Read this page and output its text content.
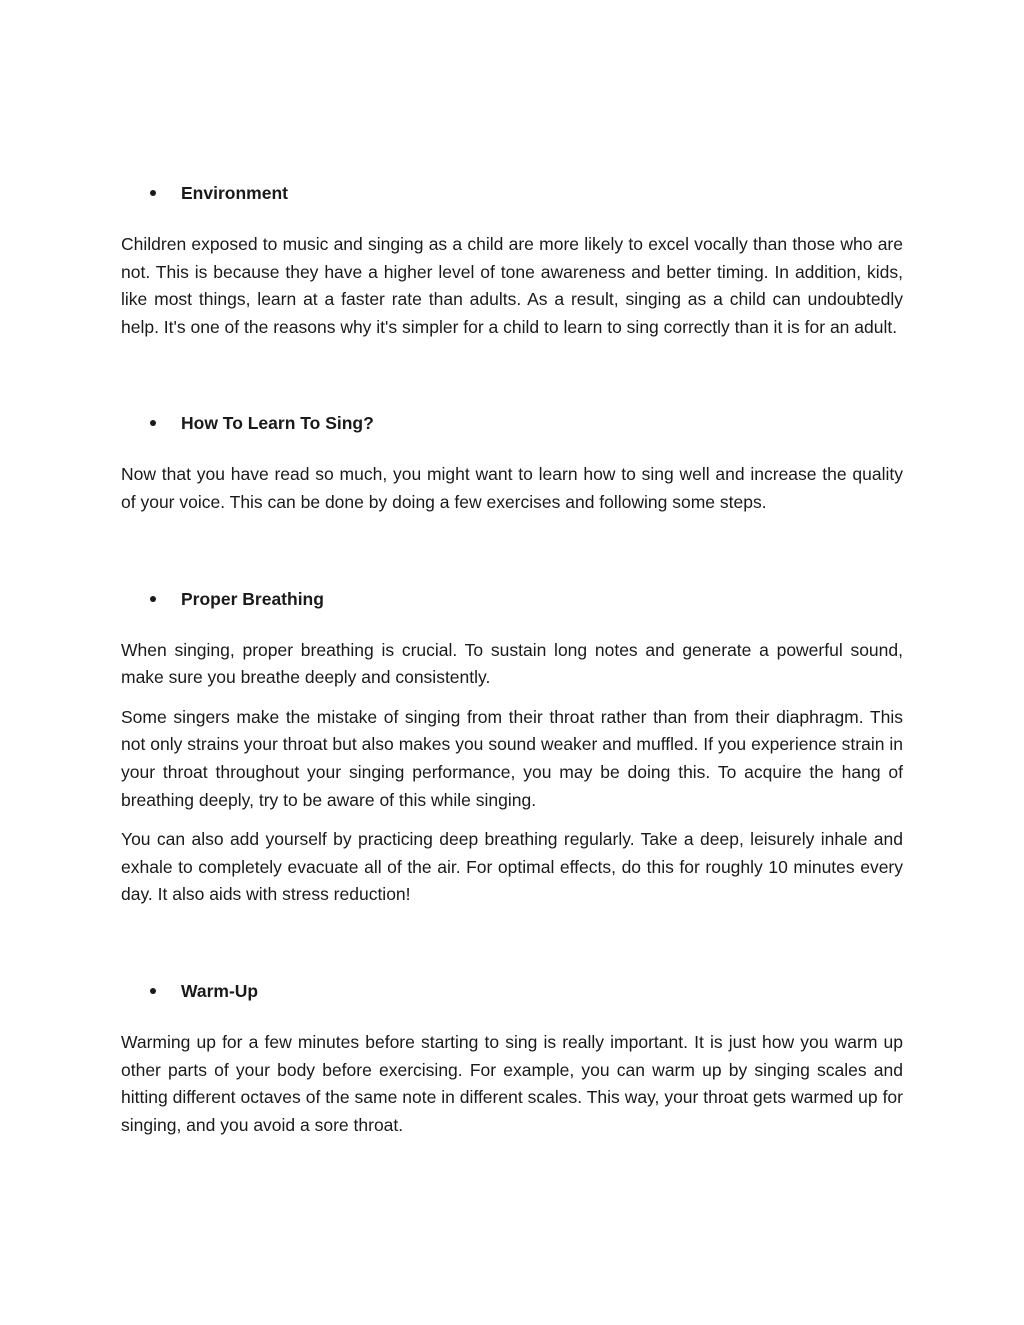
Environment

Children exposed to music and singing as a child are more likely to excel vocally than those who are not. This is because they have a higher level of tone awareness and better timing. In addition, kids, like most things, learn at a faster rate than adults. As a result, singing as a child can undoubtedly help. It's one of the reasons why it's simpler for a child to learn to sing correctly than it is for an adult.

How To Learn To Sing?

Now that you have read so much, you might want to learn how to sing well and increase the quality of your voice. This can be done by doing a few exercises and following some steps.

Proper Breathing

When singing, proper breathing is crucial. To sustain long notes and generate a powerful sound, make sure you breathe deeply and consistently.

Some singers make the mistake of singing from their throat rather than from their diaphragm. This not only strains your throat but also makes you sound weaker and muffled. If you experience strain in your throat throughout your singing performance, you may be doing this. To acquire the hang of breathing deeply, try to be aware of this while singing.

You can also add yourself by practicing deep breathing regularly. Take a deep, leisurely inhale and exhale to completely evacuate all of the air. For optimal effects, do this for roughly 10 minutes every day. It also aids with stress reduction!

Warm-Up

Warming up for a few minutes before starting to sing is really important. It is just how you warm up other parts of your body before exercising. For example, you can warm up by singing scales and hitting different octaves of the same note in different scales. This way, your throat gets warmed up for singing, and you avoid a sore throat.
